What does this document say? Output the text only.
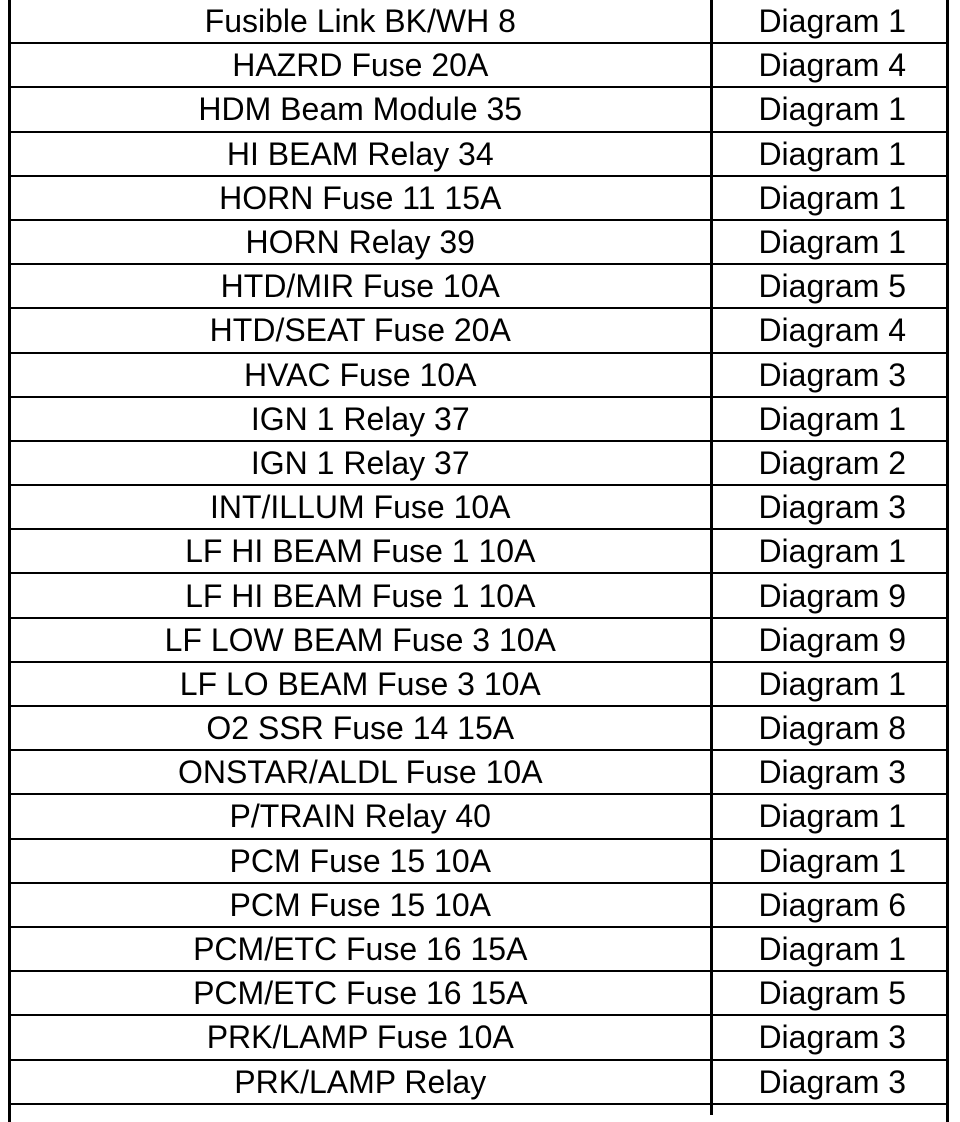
Fusible Link BK/WH 8	Diagram 1
HAZRD Fuse 20A	Diagram 4
HDM Beam Module 35	Diagram 1
HI BEAM Relay 34	Diagram 1
HORN Fuse 11 15A	Diagram 1
HORN Relay 39	Diagram 1
HTD/MIR Fuse 10A	Diagram 5
HTD/SEAT Fuse 20A	Diagram 4
HVAC Fuse 10A	Diagram 3
IGN 1 Relay 37	Diagram 1
IGN 1 Relay 37	Diagram 2
INT/ILLUM Fuse 10A	Diagram 3
LF HI BEAM Fuse 1 10A	Diagram 1
LF HI BEAM Fuse 1 10A	Diagram 9
LF LOW BEAM Fuse 3 10A	Diagram 9
LF LO BEAM Fuse 3 10A	Diagram 1
O2 SSR Fuse 14 15A	Diagram 8
ONSTAR/ALDL Fuse 10A	Diagram 3
P/TRAIN Relay 40	Diagram 1
PCM Fuse 15 10A	Diagram 1
PCM Fuse 15 10A	Diagram 6
PCM/ETC Fuse 16 15A	Diagram 1
PCM/ETC Fuse 16 15A	Diagram 5
PRK/LAMP Fuse 10A	Diagram 3
PRK/LAMP Relay	Diagram 3
